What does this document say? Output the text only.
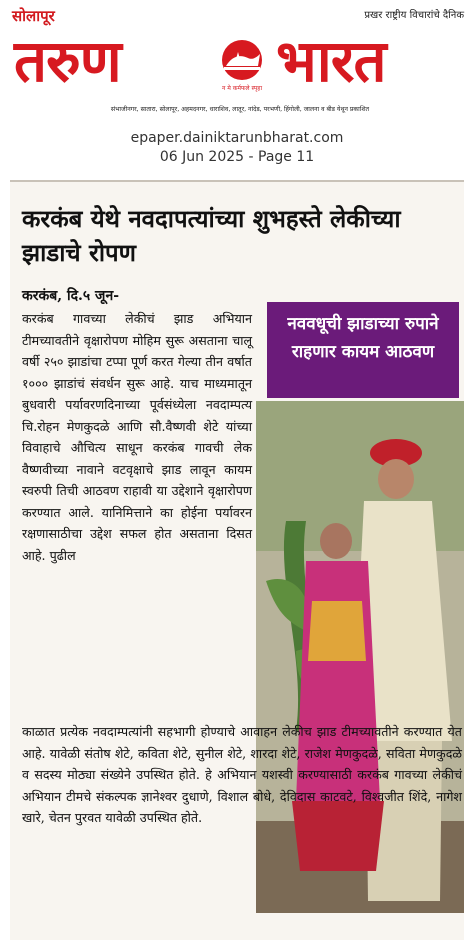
सोलापूर	प्रखर राष्ट्रीय विचारांचे दैनिक
तरुण	न मे कर्मफले स्पृहा भारत
संभाजीनगर, सातारा, सोलापूर, अहमदनगर, धाराशिव, लातूर, नांदेड, परभणी, हिंगोली, जालना व बीड येथून प्रकाशित
epaper.dainiktarunbharat.com
06 Jun 2025 - Page 11
करकंब येथे नवदापत्यांच्या शुभहस्ते लेकीच्या झाडाचे रोपण
करकंब, दि.५ जून-
नववधूची झाडाच्या रुपाने राहणार कायम आठवण
करकंब गावच्या लेकीचं झाड अभियान टीमच्यावतीने वृक्षारोपण मोहिम सुरू असताना चालू वर्षी २५० झाडांचा टप्पा पूर्ण करत गेल्या तीन वर्षात १००० झाडांचं संवर्धन सुरू आहे. याच माध्यमातून बुधवारी पर्यावरणदिनाच्या पूर्वसंध्येला नवदाम्पत्य चि.रोहन मेणकुदळे आणि सौ.वैष्णवी शेटे यांच्या विवाहाचे औचित्य साधून करकंब गावची लेक वैष्णवीच्या नावाने वटवृक्षाचे झाड लावून कायम स्वरुपी तिची आठवण राहावी या उद्देशाने वृक्षारोपण करण्यात आले. यानिमित्ताने का होईना पर्यावरन रक्षणासाठीचा उद्देश सफल होत असताना दिसत आहे. पुढील
काळात प्रत्येक नवदाम्पत्यांनी सहभागी होण्याचे आवाहन लेकीच झाड टीमच्यावतीने करण्यात येत आहे. यावेळी संतोष शेटे, कविता शेटे, सुनील शेटे, शारदा शेटे, राजेश मेणकुदळे, सविता मेणकुदळे व सदस्य मोठ्या संख्येने उपस्थित होते. हे अभियान यशस्वी करण्यासाठी करकंब गावच्या लेकीचं अभियान टीमचे संकल्पक ज्ञानेश्वर दुधाणे, विशाल बोधे, देविदास काटवटे, विश्वजीत शिंदे, नागेश खारे, चेतन पुरवत यावेळी उपस्थित होते.
